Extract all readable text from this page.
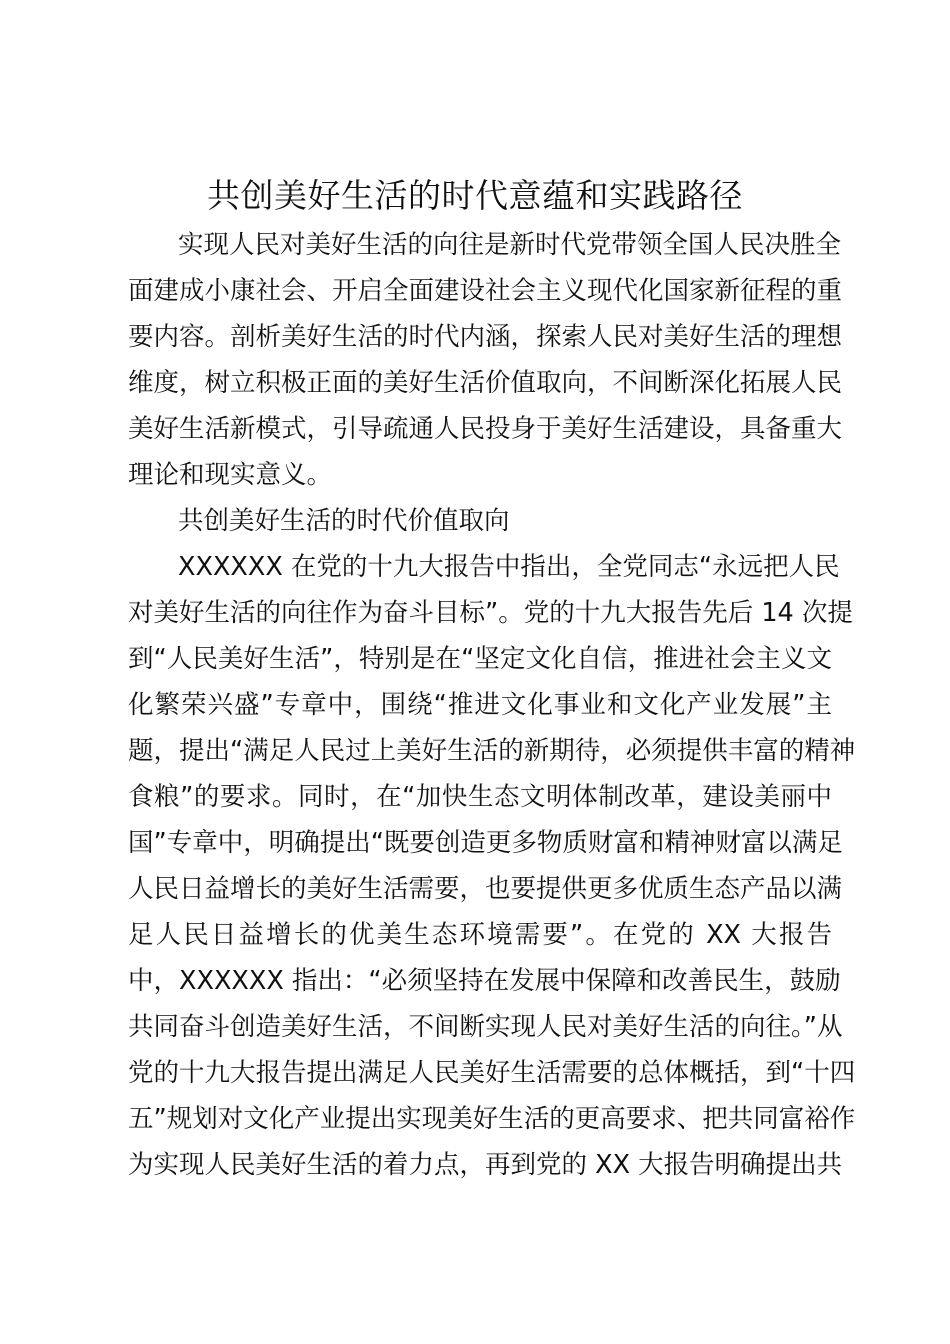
共创美好生活的时代意蕴和实践路径
实现人民对美好生活的向往是新时代党带领全国人民决胜全
面建成小康社会、开启全面建设社会主义现代化国家新征程的重
要内容。剖析美好生活的时代内涵，探索人民对美好生活的理想
维度，树立积极正面的美好生活价值取向，不间断深化拓展人民
美好生活新模式，引导疏通人民投身于美好生活建设，具备重大
理论和现实意义。
共创美好生活的时代价值取向
XXXXXX 在党的十九大报告中指出，全党同志“永远把人民
对美好生活的向往作为奋斗目标”。党的十九大报告先后 14 次提
到“人民美好生活”，特别是在“坚定文化自信，推进社会主义文
化繁荣兴盛”专章中，围绕“推进文化事业和文化产业发展”主
题，提出“满足人民过上美好生活的新期待，必须提供丰富的精神
食粮”的要求。同时，在“加快生态文明体制改革，建设美丽中
国”专章中，明确提出“既要创造更多物质财富和精神财富以满足
人民日益增长的美好生活需要，也要提供更多优质生态产品以满
足人民日益增长的优美生态环境需要”。在党的 XX 大报告
中，XXXXXX 指出：“必须坚持在发展中保障和改善民生，鼓励
共同奋斗创造美好生活，不间断实现人民对美好生活的向往。”从
党的十九大报告提出满足人民美好生活需要的总体概括，到“十四
五”规划对文化产业提出实现美好生活的更高要求、把共同富裕作
为实现人民美好生活的着力点，再到党的 XX 大报告明确提出共
